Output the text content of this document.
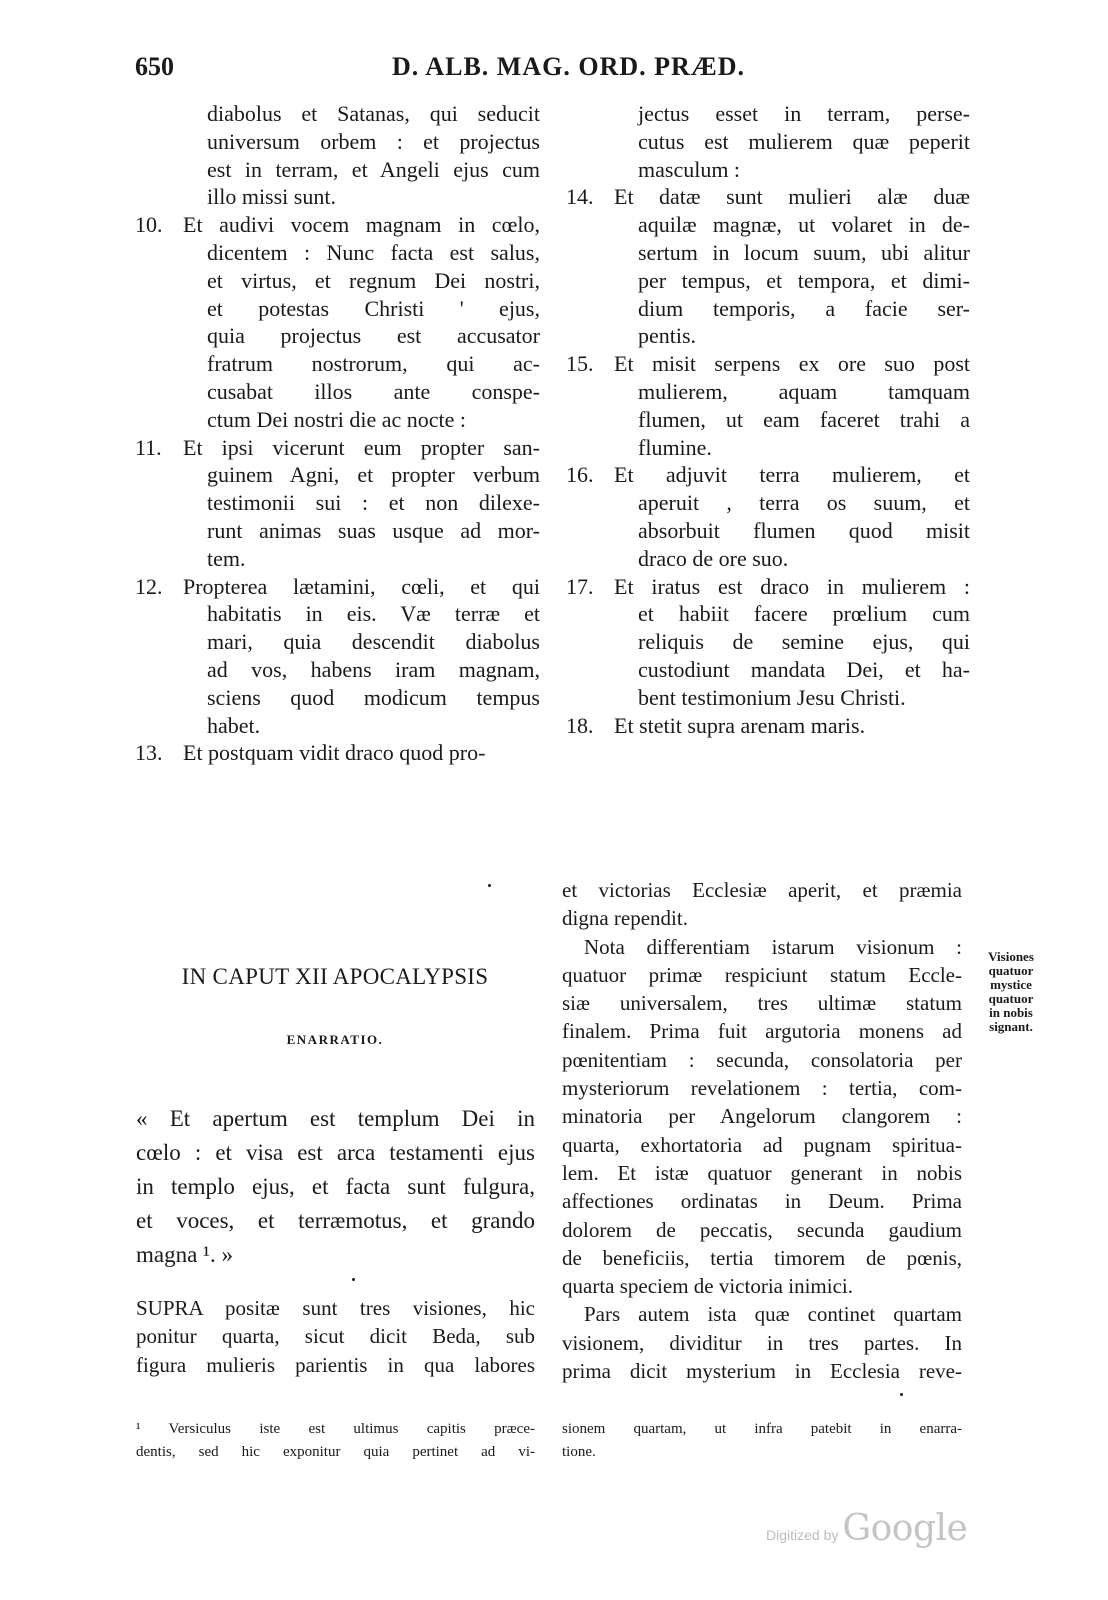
650	D. ALB. MAG. ORD. PRÆD.
diabolus et Satanas, qui seducit
universum orbem : et projectus
est in terram, et Angeli ejus cum
illo missi sunt.
10. Et audivi vocem magnam in cœlo,
dicentem : Nunc facta est salus,
et virtus, et regnum Dei nostri,
et potestas Christi ' ejus,
quia projectus est accusator
fratrum nostrorum, qui ac-
cusabat illos ante conspe-
ctum Dei nostri die ac nocte :
11. Et ipsi vicerunt eum propter san-
guinem Agni, et propter verbum
testimonii sui : et non dilexe-
runt animas suas usque ad mor-
tem.
12. Propterea lætamini, cœli, et qui
habitatis in eis. Væ terræ et
mari, quia descendit diabolus
ad vos, habens iram magnam,
sciens quod modicum tempus
habet.
13. Et postquam vidit draco quod pro-
jectus esset in terram, perse-
cutus est mulierem quæ peperit
masculum :
14. Et datæ sunt mulieri alæ duæ
aquilæ magnæ, ut volaret in de-
sertum in locum suum, ubi alitur
per tempus, et tempora, et dimi-
dium temporis, a facie ser-
pentis.
15. Et misit serpens ex ore suo post
mulierem, aquam tamquam
flumen, ut eam faceret trahi a
flumine.
16. Et adjuvit terra mulierem, et
aperuit , terra os suum, et
absorbuit flumen quod misit
draco de ore suo.
17. Et iratus est draco in mulierem :
et habiit facere prœlium cum
reliquis de semine ejus, qui
custodiunt mandata Dei, et ha-
bent testimonium Jesu Christi.
18. Et stetit supra arenam maris.
IN CAPUT XII APOCALYPSIS
ENARRATIO.
« Et apertum est templum Dei in
cœlo : et visa est arca testamenti ejus
in templo ejus, et facta sunt fulgura,
et voces, et terræmotus, et grando
magna ¹. »
SUPRA positæ sunt tres visiones, hic
ponitur quarta, sicut dicit Beda, sub
figura mulieris parientis in qua labores
et victorias Ecclesiæ aperit, et præmia
digna rependit.
Nota differentiam istarum visionum :
quatuor primæ respiciunt statum Eccle-
siæ universalem, tres ultimæ statum
finalem. Prima fuit argutoria monens ad
pœnitentiam : secunda, consolatoria per
mysteriorum revelationem : tertia, com-
minatoria per Angelorum clangorem :
quarta, exhortatoria ad pugnam spiritua-
lem. Et istæ quatuor generant in nobis
affectiones ordinatas in Deum. Prima
dolorem de peccatis, secunda gaudium
de beneficiis, tertia timorem de pœnis,
quarta speciem de victoria inimici.
Pars autem ista quæ continet quartam
visionem, dividitur in tres partes. In
prima dicit mysterium in Ecclesia reve-
Visiones
quatuor
mystice
quatuor
in nobis
signant.
¹ Versiculus iste est ultimus capitis præce-
dentis, sed hic exponitur quia pertinet ad vi-
sionem quartam, ut infra patebit in enarra-
tione.
Digitized by Google
